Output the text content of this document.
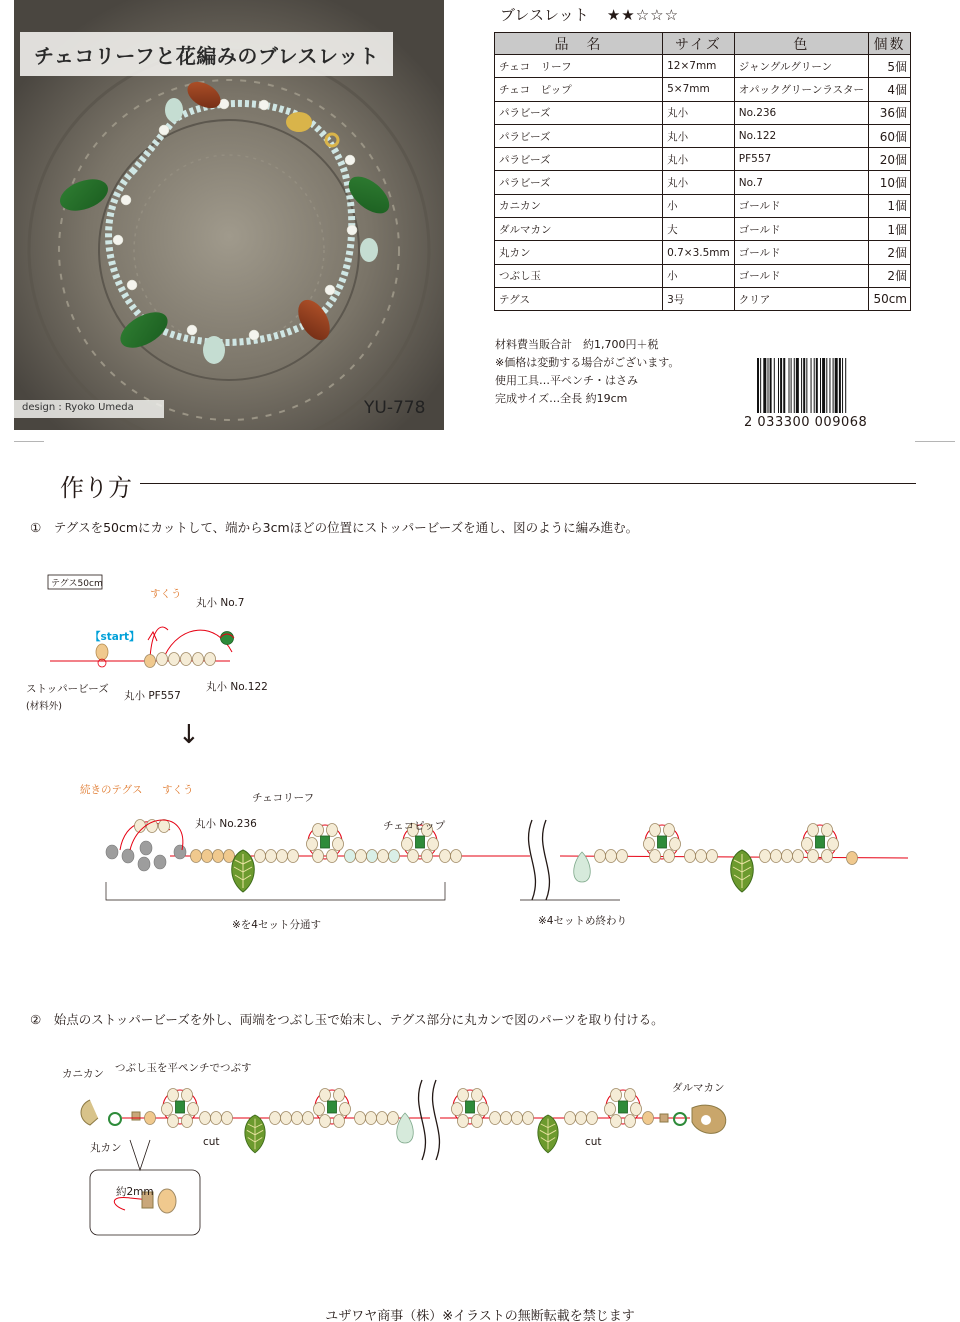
チェコリーフと花編みのブレスレット
design : Ryoko Umeda	YU-778
ブレスレット ★★☆☆☆
品　名	サイズ	色	個数
チェコ　リーフ	12×7mm	ジャングルグリーン	5個
チェコ　ピップ	5×7mm	オパックグリーンラスター	4個
パラビーズ	丸小	No.236	36個
パラビーズ	丸小	No.122	60個
パラビーズ	丸小	PF557	20個
パラビーズ	丸小	No.7	10個
カニカン	小	ゴールド	1個
ダルマカン	大	ゴールド	1個
丸カン	0.7×3.5mm	ゴールド	2個
つぶし玉	小	ゴールド	2個
テグス	3号	クリア	50cm
材料費当販合計　約1,700円＋税
※価格は変動する場合がございます。
使用工具…平ペンチ・はさみ
完成サイズ…全長 約19cm
2 033300 009068
作り方
①　テグスを50cmにカットして、端から3cmほどの位置にストッパービーズを通し、図のように編み進む。
テグス50cm
すくう
丸小 No.7
【start】
ストッパービーズ
(材料外)
丸小 PF557
丸小 No.122
↓
続きのテグス すくう
チェコリーフ
丸小 No.236	チェコピップ
※を4セット分通す	※4セットめ終わり
②　始点のストッパービーズを外し、両端をつぶし玉で始末し、テグス部分に丸カンで図のパーツを取り付ける。
カニカン つぶし玉を平ペンチでつぶす
丸カン	cut	cut
ダルマカン
約2mm
ユザワヤ商事（株）※イラストの無断転載を禁じます
